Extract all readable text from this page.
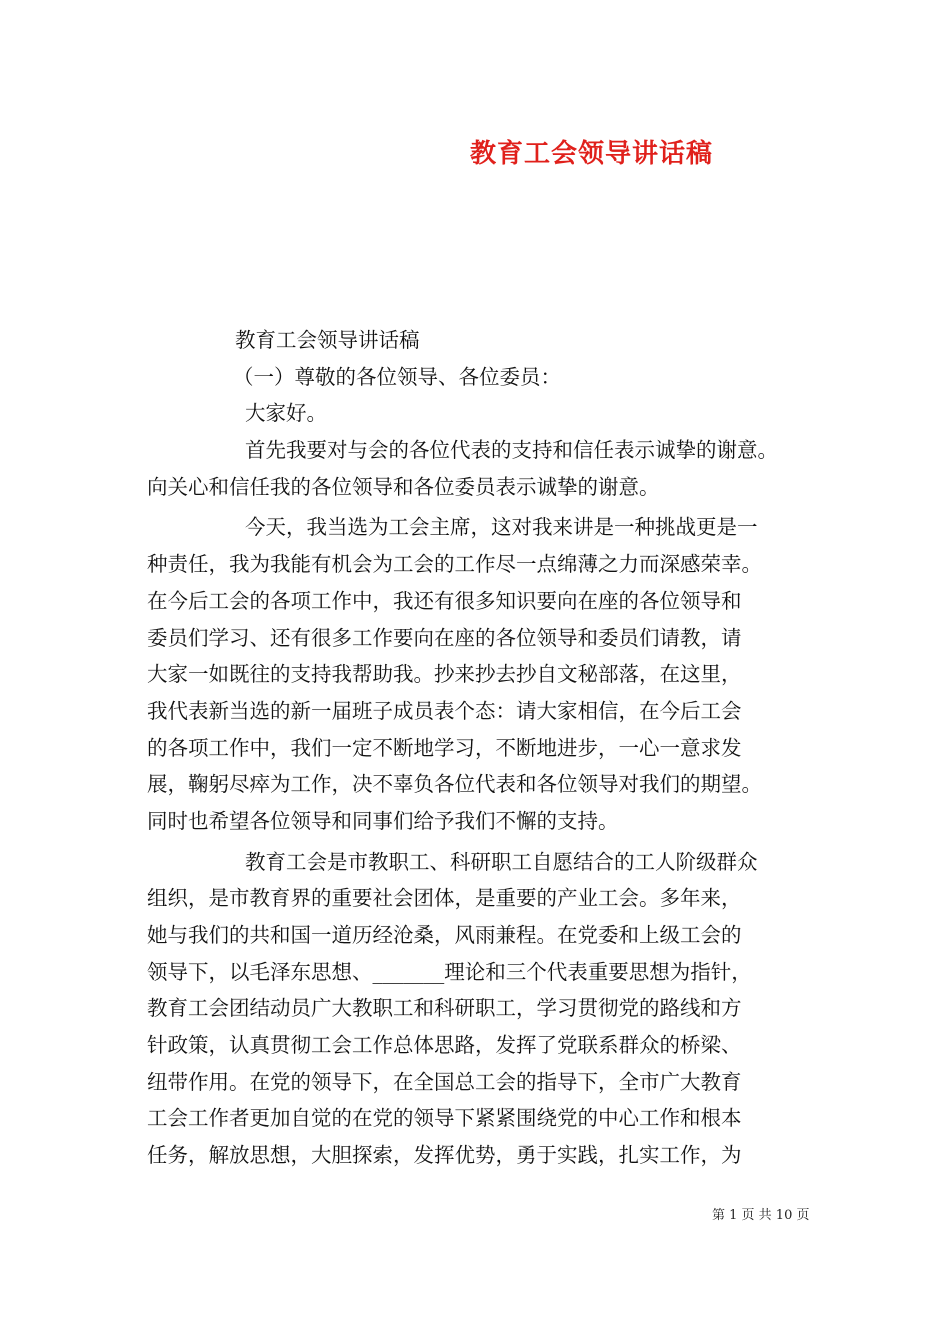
教育工会领导讲话稿
教育工会领导讲话稿
（一）尊敬的各位领导、各位委员：
大家好。
首先我要对与会的各位代表的支持和信任表示诚挚的谢意。
向关心和信任我的各位领导和各位委员表示诚挚的谢意。
今天，我当选为工会主席，这对我来讲是一种挑战更是一
种责任，我为我能有机会为工会的工作尽一点绵薄之力而深感荣幸。
在今后工会的各项工作中，我还有很多知识要向在座的各位领导和
委员们学习、还有很多工作要向在座的各位领导和委员们请教，请
大家一如既往的支持我帮助我。抄来抄去抄自文秘部落，在这里，
我代表新当选的新一届班子成员表个态：请大家相信，在今后工会
的各项工作中，我们一定不断地学习，不断地进步，一心一意求发
展，鞠躬尽瘁为工作，决不辜负各位代表和各位领导对我们的期望。
同时也希望各位领导和同事们给予我们不懈的支持。
教育工会是市教职工、科研职工自愿结合的工人阶级群众
组织，是市教育界的重要社会团体，是重要的产业工会。多年来，
她与我们的共和国一道历经沧桑，风雨兼程。在党委和上级工会的
领导下，以毛泽东思想、_______理论和三个代表重要思想为指针，
教育工会团结动员广大教职工和科研职工，学习贯彻党的路线和方
针政策，认真贯彻工会工作总体思路，发挥了党联系群众的桥梁、
纽带作用。在党的领导下，在全国总工会的指导下，全市广大教育
工会工作者更加自觉的在党的领导下紧紧围绕党的中心工作和根本
任务，解放思想，大胆探索，发挥优势，勇于实践，扎实工作，为
第 1 页 共 10 页
